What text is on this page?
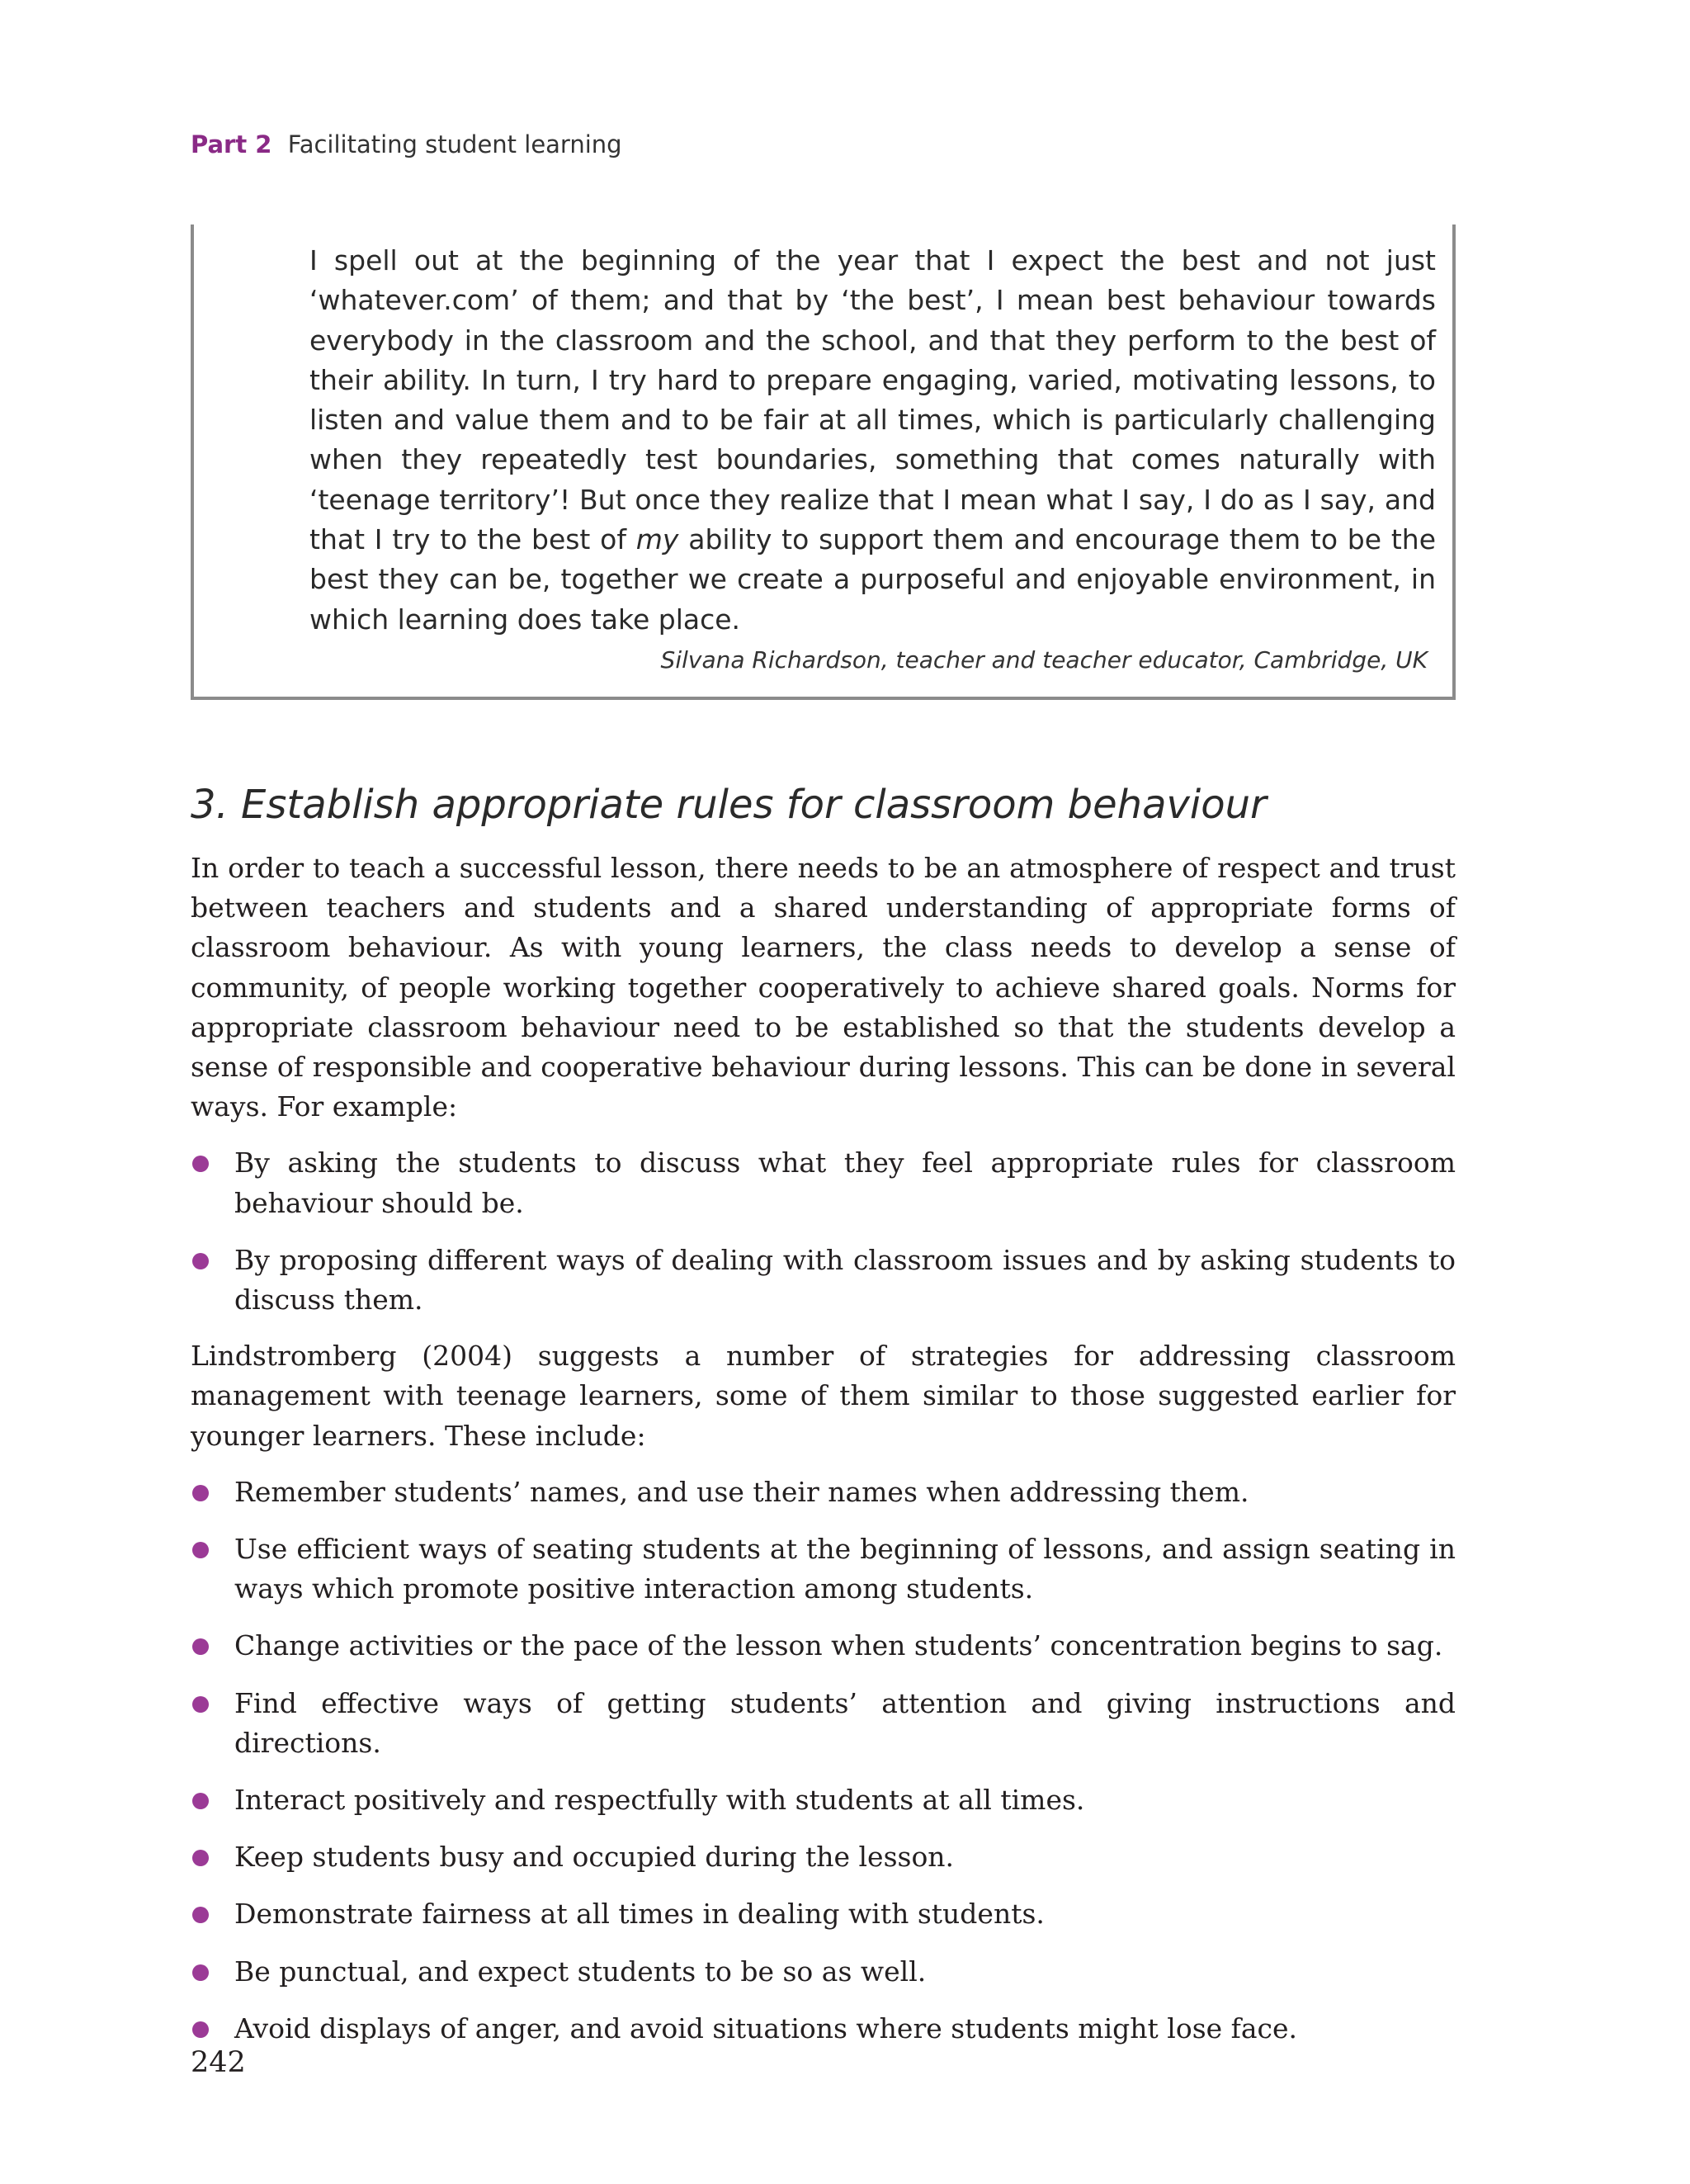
Part 2 Facilitating student learning

I spell out at the beginning of the year that I expect the best and not just ‘whatever.com’ of them; and that by ‘the best’, I mean best behaviour towards everybody in the classroom and the school, and that they perform to the best of their ability. In turn, I try hard to prepare engaging, varied, motivating lessons, to listen and value them and to be fair at all times, which is particularly challenging when they repeatedly test boundaries, something that comes naturally with ‘teenage territory’! But once they realize that I mean what I say, I do as I say, and that I try to the best of my ability to support them and encourage them to be the best they can be, together we create a purposeful and enjoyable environment, in which learning does take place.

Silvana Richardson, teacher and teacher educator, Cambridge, UK
3. Establish appropriate rules for classroom behaviour

In order to teach a successful lesson, there needs to be an atmosphere of respect and trust between teachers and students and a shared understanding of appropriate forms of classroom behaviour. As with young learners, the class needs to develop a sense of community, of people working together cooperatively to achieve shared goals. Norms for appropriate classroom behaviour need to be established so that the students develop a sense of responsible and cooperative behaviour during lessons. This can be done in several ways. For example:

By asking the students to discuss what they feel appropriate rules for classroom behaviour should be.
By proposing different ways of dealing with classroom issues and by asking students to discuss them.

Lindstromberg (2004) suggests a number of strategies for addressing classroom management with teenage learners, some of them similar to those suggested earlier for younger learners. These include:

Remember students’ names, and use their names when addressing them.
Use efficient ways of seating students at the beginning of lessons, and assign seating in ways which promote positive interaction among students.
Change activities or the pace of the lesson when students’ concentration begins to sag.
Find effective ways of getting students’ attention and giving instructions and directions.
Interact positively and respectfully with students at all times.
Keep students busy and occupied during the lesson.
Demonstrate fairness at all times in dealing with students.
Be punctual, and expect students to be so as well.
Avoid displays of anger, and avoid situations where students might lose face.
242
